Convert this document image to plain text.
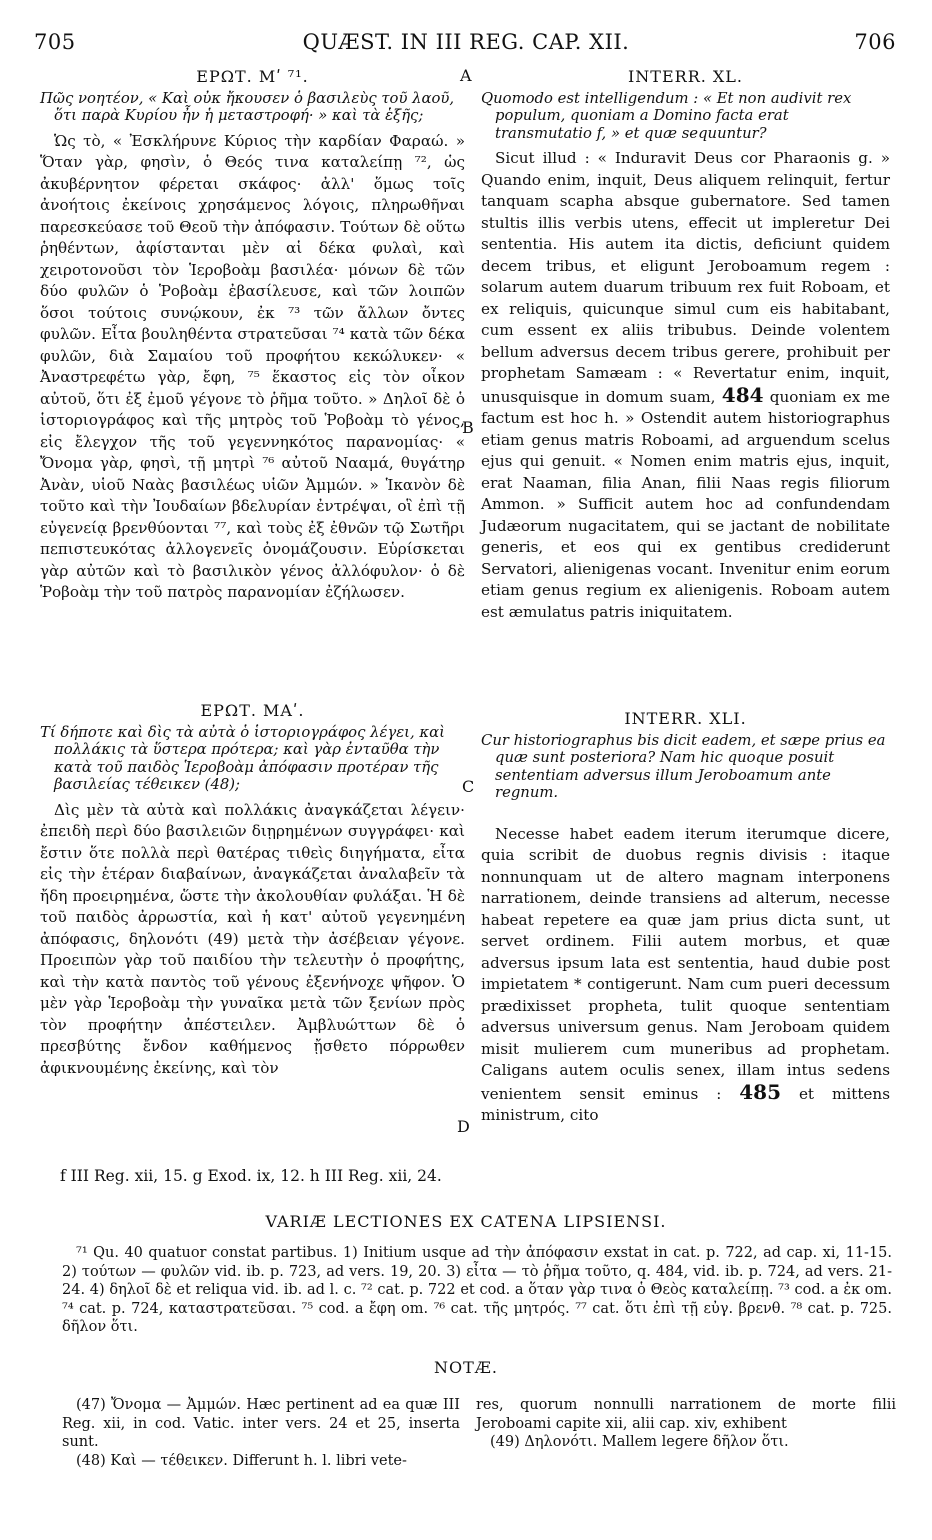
705	QUÆST. IN III REG. CAP. XII.	706
A
B
C
D
ΕΡΩΤ. Μʹ ⁷¹.

Πῶς νοητέον, « Καὶ οὐκ ἤκουσεν ὁ βασιλεὺς τοῦ λαοῦ, ὅτι παρὰ Κυρίου ἦν ἡ μεταστροφή· » καὶ τὰ ἑξῆς;

Ὡς τὸ, « Ἐσκλήρυνε Κύριος τὴν καρδίαν Φαραώ. » Ὅταν γὰρ, φησὶν, ὁ Θεός τινα καταλείπῃ ⁷², ὡς ἀκυβέρνητον φέρεται σκάφος· ἀλλ' ὅμως τοῖς ἀνοήτοις ἐκείνοις χρησάμενος λόγοις, πληρωθῆναι παρεσκεύασε τοῦ Θεοῦ τὴν ἀπόφασιν. Τούτων δὲ οὕτω ῥηθέντων, ἀφίστανται μὲν αἱ δέκα φυλαὶ, καὶ χειροτονοῦσι τὸν Ἱεροβοὰμ βασιλέα· μόνων δὲ τῶν δύο φυλῶν ὁ Ῥοβοὰμ ἐβασίλευσε, καὶ τῶν λοιπῶν ὅσοι τούτοις συνῴκουν, ἐκ ⁷³ τῶν ἄλλων ὄντες φυλῶν. Εἶτα βουληθέντα στρατεῦσαι ⁷⁴ κατὰ τῶν δέκα φυλῶν, διὰ Σαμαίου τοῦ προφήτου κεκώλυκεν· « Ἀναστρεφέτω γὰρ, ἔφη, ⁷⁵ ἕκαστος εἰς τὸν οἶκον αὐτοῦ, ὅτι ἐξ ἐμοῦ γέγονε τὸ ῥῆμα τοῦτο. » Δηλοῖ δὲ ὁ ἱστοριογράφος καὶ τῆς μητρὸς τοῦ Ῥοβοὰμ τὸ γένος, εἰς ἔλεγχον τῆς τοῦ γεγεννηκότος παρανομίας· « Ὄνομα γὰρ, φησὶ, τῇ μητρὶ ⁷⁶ αὐτοῦ Νααμά, θυγάτηρ Ἀνὰν, υἱοῦ Ναὰς βασιλέως υἱῶν Ἀμμών. » Ἱκανὸν δὲ τοῦτο καὶ τὴν Ἰουδαίων βδελυρίαν ἐντρέψαι, οἳ ἐπὶ τῇ εὐγενείᾳ βρενθύονται ⁷⁷, καὶ τοὺς ἐξ ἐθνῶν τῷ Σωτῆρι πεπιστευκότας ἀλλογενεῖς ὀνομάζουσιν. Εὑρίσκεται γὰρ αὐτῶν καὶ τὸ βασιλικὸν γένος ἀλλόφυλον· ὁ δὲ Ῥοβοὰμ τὴν τοῦ πατρὸς παρανομίαν ἐζήλωσεν.

INTERR. XL.

Quomodo est intelligendum : « Et non audivit rex populum, quoniam a Domino facta erat transmutatio f, » et quæ sequuntur?

Sicut illud : « Induravit Deus cor Pharaonis g. » Quando enim, inquit, Deus aliquem relinquit, fertur tanquam scapha absque gubernatore. Sed tamen stultis illis verbis utens, effecit ut impleretur Dei sententia. His autem ita dictis, deficiunt quidem decem tribus, et eligunt Jeroboamum regem : solarum autem duarum tribuum rex fuit Roboam, et ex reliquis, quicunque simul cum eis habitabant, cum essent ex aliis tribubus. Deinde volentem bellum adversus decem tribus gerere, prohibuit per prophetam Samæam : « Revertatur enim, inquit, unusquisque in domum suam, 484 quoniam ex me factum est hoc h. » Ostendit autem historiographus etiam genus matris Roboami, ad arguendum scelus ejus qui genuit. « Nomen enim matris ejus, inquit, erat Naaman, filia Anan, filii Naas regis filiorum Ammon. » Sufficit autem hoc ad confundendam Judæorum nugacitatem, qui se jactant de nobilitate generis, et eos qui ex gentibus crediderunt Servatori, alienigenas vocant. Invenitur enim eorum etiam genus regium ex alienigenis. Roboam autem est æmulatus patris iniquitatem.

ΕΡΩΤ. ΜΑʹ.

Τί δήποτε καὶ δὶς τὰ αὐτὰ ὁ ἱστοριογράφος λέγει, καὶ πολλάκις τὰ ὕστερα πρότερα; καὶ γὰρ ἐνταῦθα τὴν κατὰ τοῦ παιδὸς Ἱεροβοὰμ ἀπόφασιν προτέραν τῆς βασιλείας τέθεικεν (48);

Δὶς μὲν τὰ αὐτὰ καὶ πολλάκις ἀναγκάζεται λέγειν· ἐπειδὴ περὶ δύο βασιλειῶν διῃρημένων συγγράφει· καὶ ἔστιν ὅτε πολλὰ περὶ θατέρας τιθεὶς διηγήματα, εἶτα εἰς τὴν ἑτέραν διαβαίνων, ἀναγκάζεται ἀναλαβεῖν τὰ ἤδη προειρημένα, ὥστε τὴν ἀκολουθίαν φυλάξαι. Ἡ δὲ τοῦ παιδὸς ἀρρωστία, καὶ ἡ κατ' αὐτοῦ γεγενημένη ἀπόφασις, δηλονότι (49) μετὰ τὴν ἀσέβειαν γέγονε. Προειπὼν γὰρ τοῦ παιδίου τὴν τελευτὴν ὁ προφήτης, καὶ τὴν κατὰ παντὸς τοῦ γένους ἐξενήνοχε ψῆφον. Ὁ μὲν γὰρ Ἱεροβοὰμ τὴν γυναῖκα μετὰ τῶν ξενίων πρὸς τὸν προφήτην ἀπέστειλεν. Ἀμβλυώττων δὲ ὁ πρεσβύτης ἔνδον καθήμενος ᾔσθετο πόρρωθεν ἀφικνουμένης ἐκείνης, καὶ τὸν

INTERR. XLI.

Cur historiographus bis dicit eadem, et sæpe prius ea quæ sunt posteriora? Nam hic quoque posuit sententiam adversus illum Jeroboamum ante regnum.

Necesse habet eadem iterum iterumque dicere, quia scribit de duobus regnis divisis : itaque nonnunquam ut de altero magnam interponens narrationem, deinde transiens ad alterum, necesse habeat repetere ea quæ jam prius dicta sunt, ut servet ordinem. Filii autem morbus, et quæ adversus ipsum lata est sententia, haud dubie post impietatem * contigerunt. Nam cum pueri decessum prædixisset propheta, tulit quoque sententiam adversus universum genus. Nam Jeroboam quidem misit mulierem cum muneribus ad prophetam. Caligans autem oculis senex, illam intus sedens venientem sensit eminus : 485 et mittens ministrum, cito

f III Reg. xii, 15. g Exod. ix, 12. h III Reg. xii, 24.
VARIÆ LECTIONES EX CATENA LIPSIENSI.
⁷¹ Qu. 40 quatuor constat partibus. 1) Initium usque ad τὴν ἀπόφασιν exstat in cat. p. 722, ad cap. xi, 11-15. 2) τούτων — φυλῶν vid. ib. p. 723, ad vers. 19, 20. 3) εἶτα — τὸ ῥῆμα τοῦτο, q. 484, vid. ib. p. 724, ad vers. 21-24. 4) δηλοῖ δὲ et reliqua vid. ib. ad l. c. ⁷² cat. p. 722 et cod. a ὅταν γὰρ τινα ὁ Θεὸς καταλείπῃ. ⁷³ cod. a ἐκ om. ⁷⁴ cat. p. 724, καταστρατεῦσαι. ⁷⁵ cod. a ἔφη om. ⁷⁶ cat. τῆς μητρός. ⁷⁷ cat. ὅτι ἐπὶ τῇ εὐγ. βρενθ. ⁷⁸ cat. p. 725. δῆλον ὅτι.
NOTÆ.

(47) Ὄνομα — Ἀμμών. Hæc pertinent ad ea quæ III Reg. xii, in cod. Vatic. inter vers. 24 et 25, inserta sunt.

(48) Καὶ — τέθεικεν. Differunt h. l. libri vete-

res, quorum nonnulli narrationem de morte filii Jeroboami capite xii, alii cap. xiv, exhibent

(49) Δηλονότι. Mallem legere δῆλον ὅτι.
